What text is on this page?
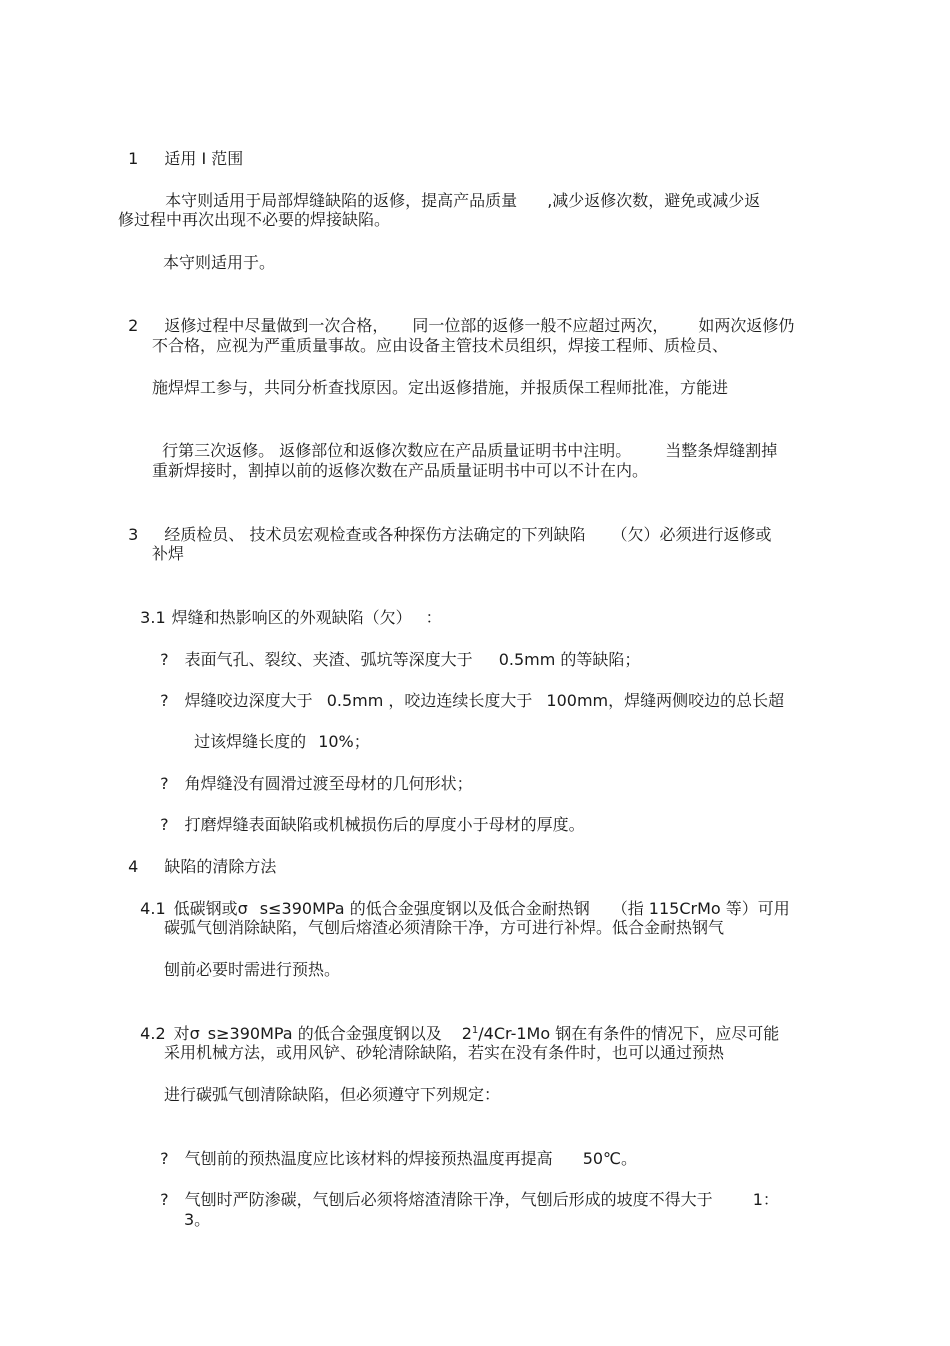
1 适用 I 范围

本守则适用于局部焊缝缺陷的返修，提高产品质量 ,减少返修次数，避免或减少返

修过程中再次出现不必要的焊接缺陷。
本守则适用于。

2 返修过程中尽量做到一次合格， 同一位部的返修一般不应超过两次， 如两次返修仍

不合格，应视为严重质量事故。应由设备主管技术员组织，焊接工程师、质检员、
施焊焊工参与，共同分析查找原因。定出返修措施，并报质保工程师批准，方能进

行第三次返修。 返修部位和返修次数应在产品质量证明书中注明。 当整条焊缝割掉

重新焊接时，割掉以前的返修次数在产品质量证明书中可以不计在内。

3 经质检员、 技术员宏观检查或各种探伤方法确定的下列缺陷 （欠）必须进行返修或

补焊

3.1 焊缝和热影响区的外观缺陷（欠） ：

? 表面气孔、裂纹、夹渣、弧坑等深度大于 0.5mm 的等缺陷；

? 焊缝咬边深度大于 0.5mm ，咬边连续长度大于 100mm，焊缝两侧咬边的总长超

过该焊缝长度的 10%；

? 角焊缝没有圆滑过渡至母材的几何形状；

? 打磨焊缝表面缺陷或机械损伤后的厚度小于母材的厚度。

4 缺陷的清除方法

4.1 低碳钢或σ s≤390MPa 的低合金强度钢以及低合金耐热钢 （指 115CrMo 等）可用

碳弧气刨消除缺陷，气刨后熔渣必须清除干净，方可进行补焊。低合金耐热钢气
刨前必要时需进行预热。

4.2 对σ s≥390MPa 的低合金强度钢以及 $2^1/4Cr-1Mo$ 钢在有条件的情况下，应尽可能

采用机械方法，或用风铲、砂轮清除缺陷，若实在没有条件时，也可以通过预热
进行碳弧气刨清除缺陷，但必须遵守下列规定：

? 气刨前的预热温度应比该材料的焊接预热温度再提高 50℃。

? 气刨时严防渗碳，气刨后必须将熔渣清除干净，气刨后形成的坡度不得大于	1：

3。
